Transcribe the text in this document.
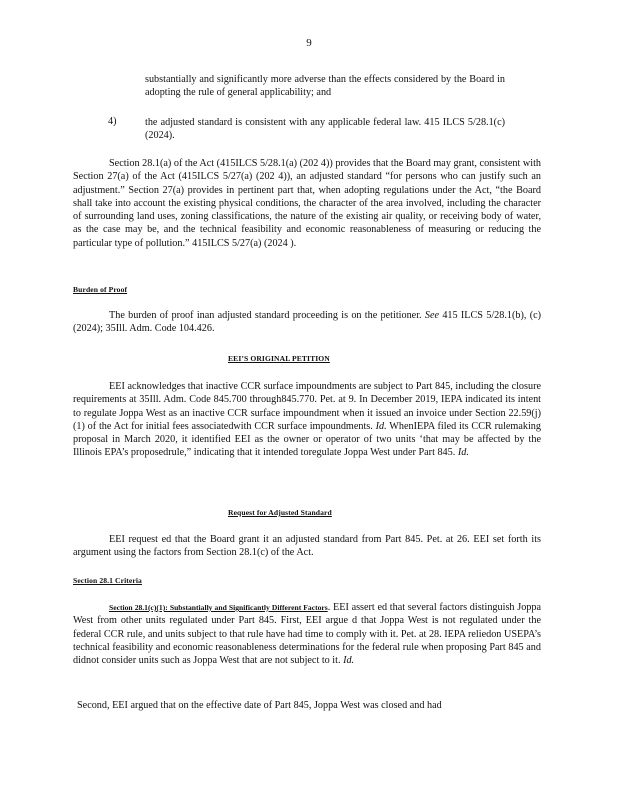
9

substantially and significantly more adverse than the effects considered by the Board in adopting the rule of general applicability; and

4)	the adjusted standard is consistent with any applicable federal law. 415 ILCS 5/28.1(c) (2024).

Section 28.1(a) of the Act (415ILCS 5/28.1(a) (202 4)) provides that the Board may grant, consistent with Section 27(a) of the Act (415ILCS 5/27(a) (202 4)), an adjusted standard “for persons who can justify such an adjustment.” Section 27(a) provides in pertinent part that, when adopting regulations under the Act, “the Board shall take into account the existing physical conditions, the character of the area involved, including the character of surrounding land uses, zoning classifications, the nature of the existing air quality, or receiving body of water, as the case may be, and the technical feasibility and economic reasonableness of measuring or reducing the particular type of pollution.” 415ILCS 5/27(a) (2024 ).

Burden of Proof

The burden of proof inan adjusted standard proceeding is on the petitioner. See 415 ILCS 5/28.1(b), (c) (2024); 35Ill. Adm. Code 104.426.

EEI’S ORIGINAL PETITION

EEI acknowledges that inactive CCR surface impoundments are subject to Part 845, including the closure requirements at 35Ill. Adm. Code 845.700 through845.770. Pet. at 9. In December 2019, IEPA indicated its intent to regulate Joppa West as an inactive CCR surface impoundment when it issued an invoice under Section 22.59(j)(1) of the Act for initial fees associatedwith CCR surface impoundments. Id. WhenIEPA filed its CCR rulemaking proposal in March 2020, it identified EEI as the owner or operator of two units ‘that may be affected by the Illinois EPA’s proposedrule,” indicating that it intended toregulate Joppa West under Part 845. Id.

Request for Adjusted Standard

EEI request ed that the Board grant it an adjusted standard from Part 845. Pet. at 26. EEI set forth its argument using the factors from Section 28.1(c) of the Act.

Section 28.1 Criteria

Section 28.1(c)(1): Substantially and Significantly Different Factors. EEI assert ed that several factors distinguish Joppa West from other units regulated under Part 845. First, EEI argue d that Joppa West is not regulated under the federal CCR rule, and units subject to that rule have had time to comply with it. Pet. at 28. IEPA reliedon USEPA’s technical feasibility and economic reasonableness determinations for the federal rule when proposing Part 845 and didnot consider units such as Joppa West that are not subject to it. Id.

Second, EEI argued that on the effective date of Part 845, Joppa West was closed and had
